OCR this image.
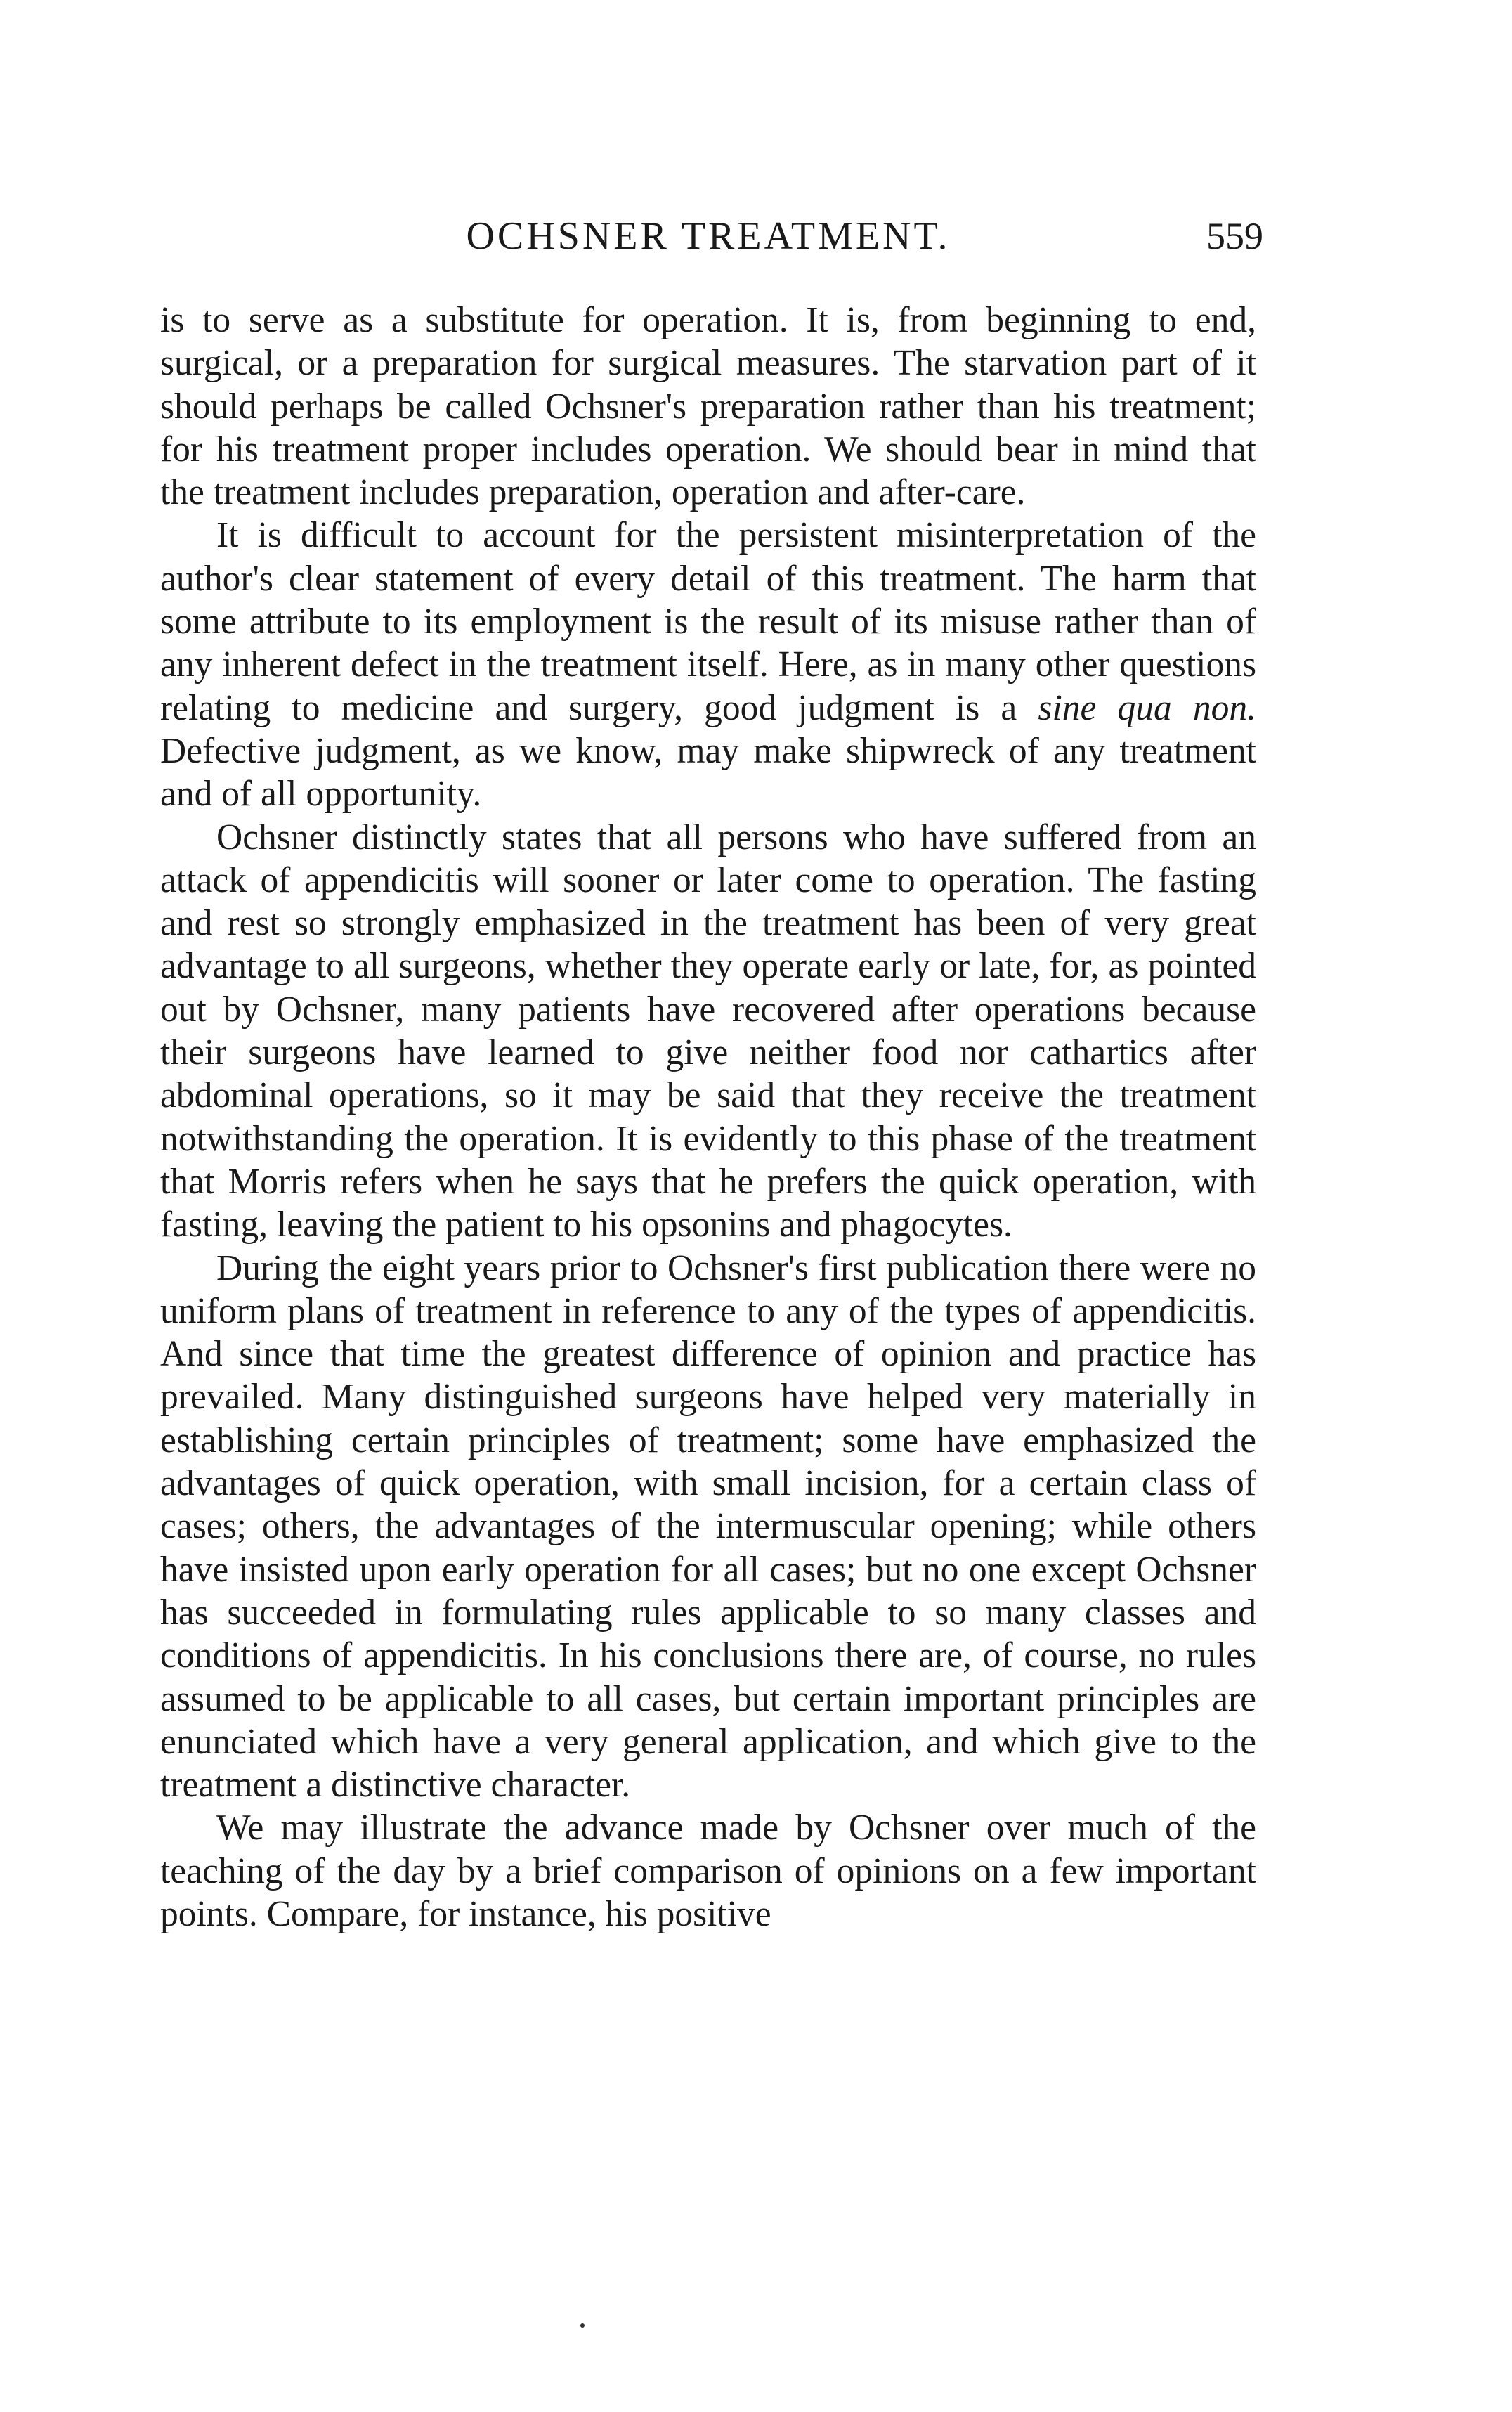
OCHSNER TREATMENT.	559

is to serve as a substitute for operation. It is, from beginning to end, surgical, or a preparation for surgical measures. The starvation part of it should perhaps be called Ochsner's preparation rather than his treatment; for his treatment proper includes operation. We should bear in mind that the treatment includes preparation, operation and after-care.

It is difficult to account for the persistent misinterpretation of the author's clear statement of every detail of this treatment. The harm that some attribute to its employment is the result of its misuse rather than of any inherent defect in the treatment itself. Here, as in many other questions relating to medicine and surgery, good judgment is a sine qua non. Defective judgment, as we know, may make shipwreck of any treatment and of all opportunity.

Ochsner distinctly states that all persons who have suffered from an attack of appendicitis will sooner or later come to operation. The fasting and rest so strongly emphasized in the treatment has been of very great advantage to all surgeons, whether they operate early or late, for, as pointed out by Ochsner, many patients have recovered after operations because their surgeons have learned to give neither food nor cathartics after abdominal operations, so it may be said that they receive the treatment notwithstanding the operation. It is evidently to this phase of the treatment that Morris refers when he says that he prefers the quick operation, with fasting, leaving the patient to his opsonins and phagocytes.

During the eight years prior to Ochsner's first publication there were no uniform plans of treatment in reference to any of the types of appendicitis. And since that time the greatest difference of opinion and practice has prevailed. Many distinguished surgeons have helped very materially in establishing certain principles of treatment; some have emphasized the advantages of quick operation, with small incision, for a certain class of cases; others, the advantages of the intermuscular opening; while others have insisted upon early operation for all cases; but no one except Ochsner has succeeded in formulating rules applicable to so many classes and conditions of appendicitis. In his conclusions there are, of course, no rules assumed to be applicable to all cases, but certain important principles are enunciated which have a very general application, and which give to the treatment a distinctive character.

We may illustrate the advance made by Ochsner over much of the teaching of the day by a brief comparison of opinions on a few important points. Compare, for instance, his positive
